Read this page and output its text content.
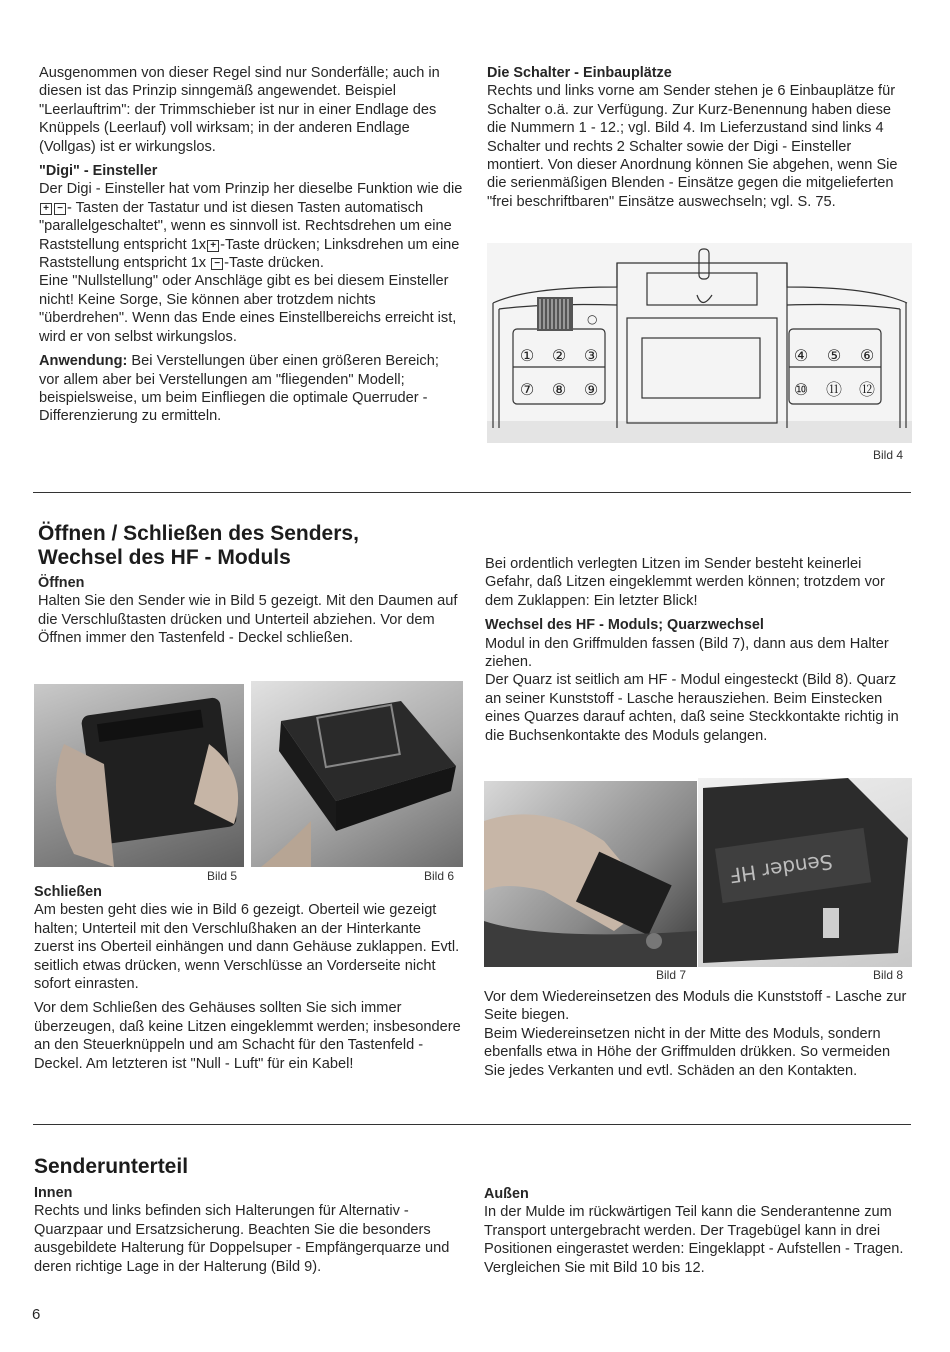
Ausgenommen von dieser Regel sind nur Sonderfälle; auch in diesen ist das Prinzip sinngemäß angewendet. Beispiel "Leerlauftrim": der Trimmschieber ist nur in einer Endlage des Knüppels (Leerlauf) voll wirksam; in der anderen Endlage (Vollgas) ist er wirkungslos.

"Digi" - Einsteller

Der Digi - Einsteller hat vom Prinzip her dieselbe Funktion wie die + − - Tasten der Tastatur und ist diesen Tasten automatisch "parallelgeschaltet", wenn es sinnvoll ist. Rechtsdrehen um eine Raststellung entspricht 1x + -Taste drücken; Linksdrehen um eine Raststellung entspricht 1x − -Taste drücken.

Eine "Nullstellung" oder Anschläge gibt es bei diesem Einsteller nicht! Keine Sorge, Sie können aber trotzdem nichts "überdrehen". Wenn das Ende eines Einstellbereichs erreicht ist, wird er von selbst wirkungslos.

Anwendung: Bei Verstellungen über einen größeren Bereich; vor allem aber bei Verstellungen am "fliegenden" Modell; beispielsweise, um beim Einfliegen die optimale Querruder - Differenzierung zu ermitteln.

Die Schalter - Einbauplätze

Rechts und links vorne am Sender stehen je 6 Einbauplätze für Schalter o.ä. zur Verfügung. Zur Kurz-Benennung haben diese die Nummern 1 - 12.; vgl. Bild 4. Im Lieferzustand sind links 4 Schalter und rechts 2 Schalter sowie der Digi - Einsteller montiert. Von dieser Anordnung können Sie abgehen, wenn Sie die serienmäßigen Blenden - Einsätze gegen die mitgelieferten "frei beschriftbaren" Einsätze auswechseln; vgl. S. 75.

○
① ② ③
⑦ ⑧ ⑨
④ ⑤ ⑥
⑩ ⑪ ⑫
Bild 4
Öffnen / Schließen des Senders,
Wechsel des HF - Moduls
Öffnen

Halten Sie den Sender wie in Bild 5 gezeigt. Mit den Daumen auf die Verschlußtasten drücken und Unterteil abziehen. Vor dem Öffnen immer den Tastenfeld - Deckel schließen.

Bild 5	Bild 6
Schließen

Am besten geht dies wie in Bild 6 gezeigt. Oberteil wie gezeigt halten; Unterteil mit den Verschlußhaken an der Hinterkante zuerst ins Oberteil einhängen und dann Gehäuse zuklappen. Evtl. seitlich etwas drücken, wenn Verschlüsse an Vorderseite nicht sofort einrasten.

Vor dem Schließen des Gehäuses sollten Sie sich immer überzeugen, daß keine Litzen eingeklemmt werden; insbesondere an den Steuerknüppeln und am Schacht für den Tastenfeld - Deckel. Am letzteren ist "Null - Luft" für ein Kabel!

Bei ordentlich verlegten Litzen im Sender besteht keinerlei Gefahr, daß Litzen eingeklemmt werden können; trotzdem vor dem Zuklappen: Ein letzter Blick!

Wechsel des HF - Moduls; Quarzwechsel

Modul in den Griffmulden fassen (Bild 7), dann aus dem Halter ziehen.

Der Quarz ist seitlich am HF - Modul eingesteckt (Bild 8). Quarz an seiner Kunststoff - Lasche herausziehen. Beim Einstecken eines Quarzes darauf achten, daß seine Steckkontakte richtig in die Buchsenkontakte des Moduls gelangen.

Sender HF
Bild 7	Bild 8

Vor dem Wiedereinsetzen des Moduls die Kunststoff - Lasche zur Seite biegen.

Beim Wiedereinsetzen nicht in der Mitte des Moduls, sondern ebenfalls etwa in Höhe der Griffmulden drükken. So vermeiden Sie jedes Verkanten und evtl. Schäden an den Kontakten.

Senderunterteil
Innen

Rechts und links befinden sich Halterungen für Alternativ - Quarzpaar und Ersatzsicherung. Beachten Sie die besonders ausgebildete Halterung für Doppelsuper - Empfängerquarze und deren richtige Lage in der Halterung (Bild 9).

Außen

In der Mulde im rückwärtigen Teil kann die Senderantenne zum Transport untergebracht werden. Der Tragebügel kann in drei Positionen eingerastet werden: Eingeklappt - Aufstellen - Tragen. Vergleichen Sie mit Bild 10 bis 12.

6
